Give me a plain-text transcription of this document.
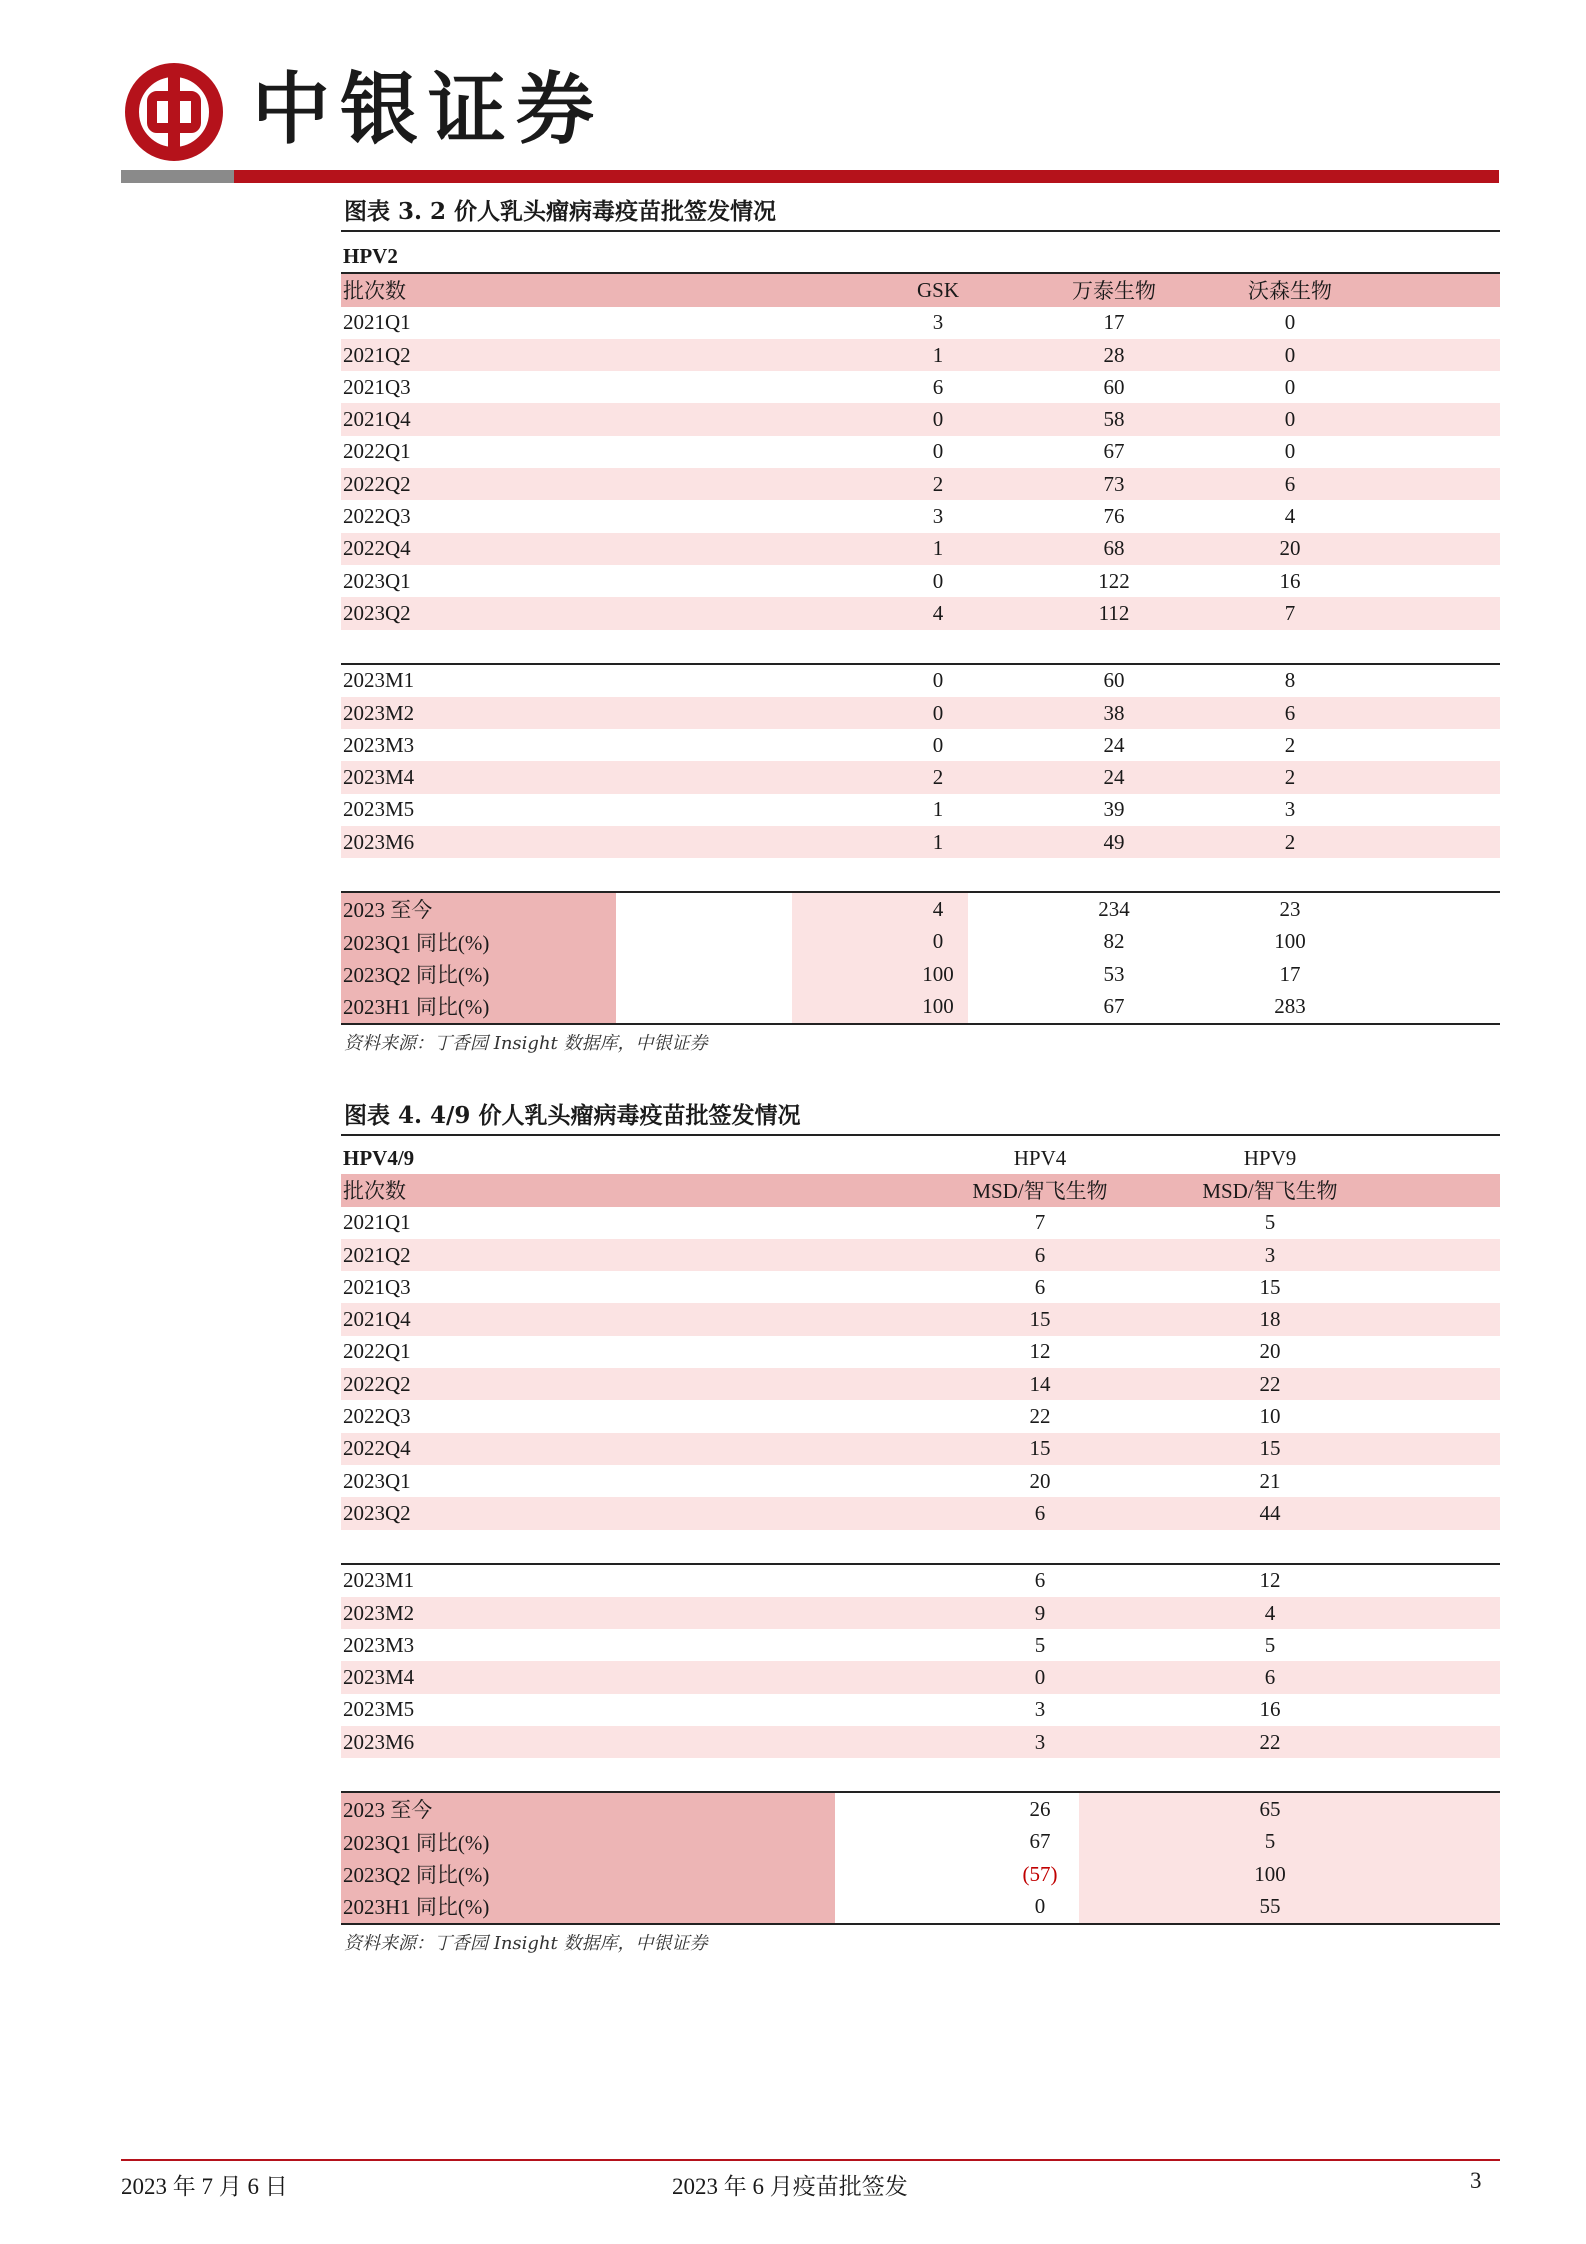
中银证券
图表 3. 2 价人乳头瘤病毒疫苗批签发情况
HPV2
批次数	GSK	万泰生物	沃森生物
2021Q1	3	17	0
2021Q2	1	28	0
2021Q3	6	60	0
2021Q4	0	58	0
2022Q1	0	67	0
2022Q2	2	73	6
2022Q3	3	76	4
2022Q4	1	68	20
2023Q1	0	122	16
2023Q2	4	112	7
2023M1	0	60	8
2023M2	0	38	6
2023M3	0	24	2
2023M4	2	24	2
2023M5	1	39	3
2023M6	1	49	2
2023 至今	4	234	23
2023Q1 同比(%)	0	82	100
2023Q2 同比(%)	100	53	17
2023H1 同比(%)	100	67	283
资料来源：丁香园 Insight 数据库，中银证券
图表 4. 4/9 价人乳头瘤病毒疫苗批签发情况
HPV4/9	HPV4	HPV9
批次数	MSD/智飞生物	MSD/智飞生物
2021Q1	7	5
2021Q2	6	3
2021Q3	6	15
2021Q4	15	18
2022Q1	12	20
2022Q2	14	22
2022Q3	22	10
2022Q4	15	15
2023Q1	20	21
2023Q2	6	44
2023M1	6	12
2023M2	9	4
2023M3	5	5
2023M4	0	6
2023M5	3	16
2023M6	3	22
2023 至今	26	65
2023Q1 同比(%)	67	5
2023Q2 同比(%)	(57)	100
2023H1 同比(%)	0	55
资料来源：丁香园 Insight 数据库，中银证券
2023 年 7 月 6 日	2023 年 6 月疫苗批签发	3
